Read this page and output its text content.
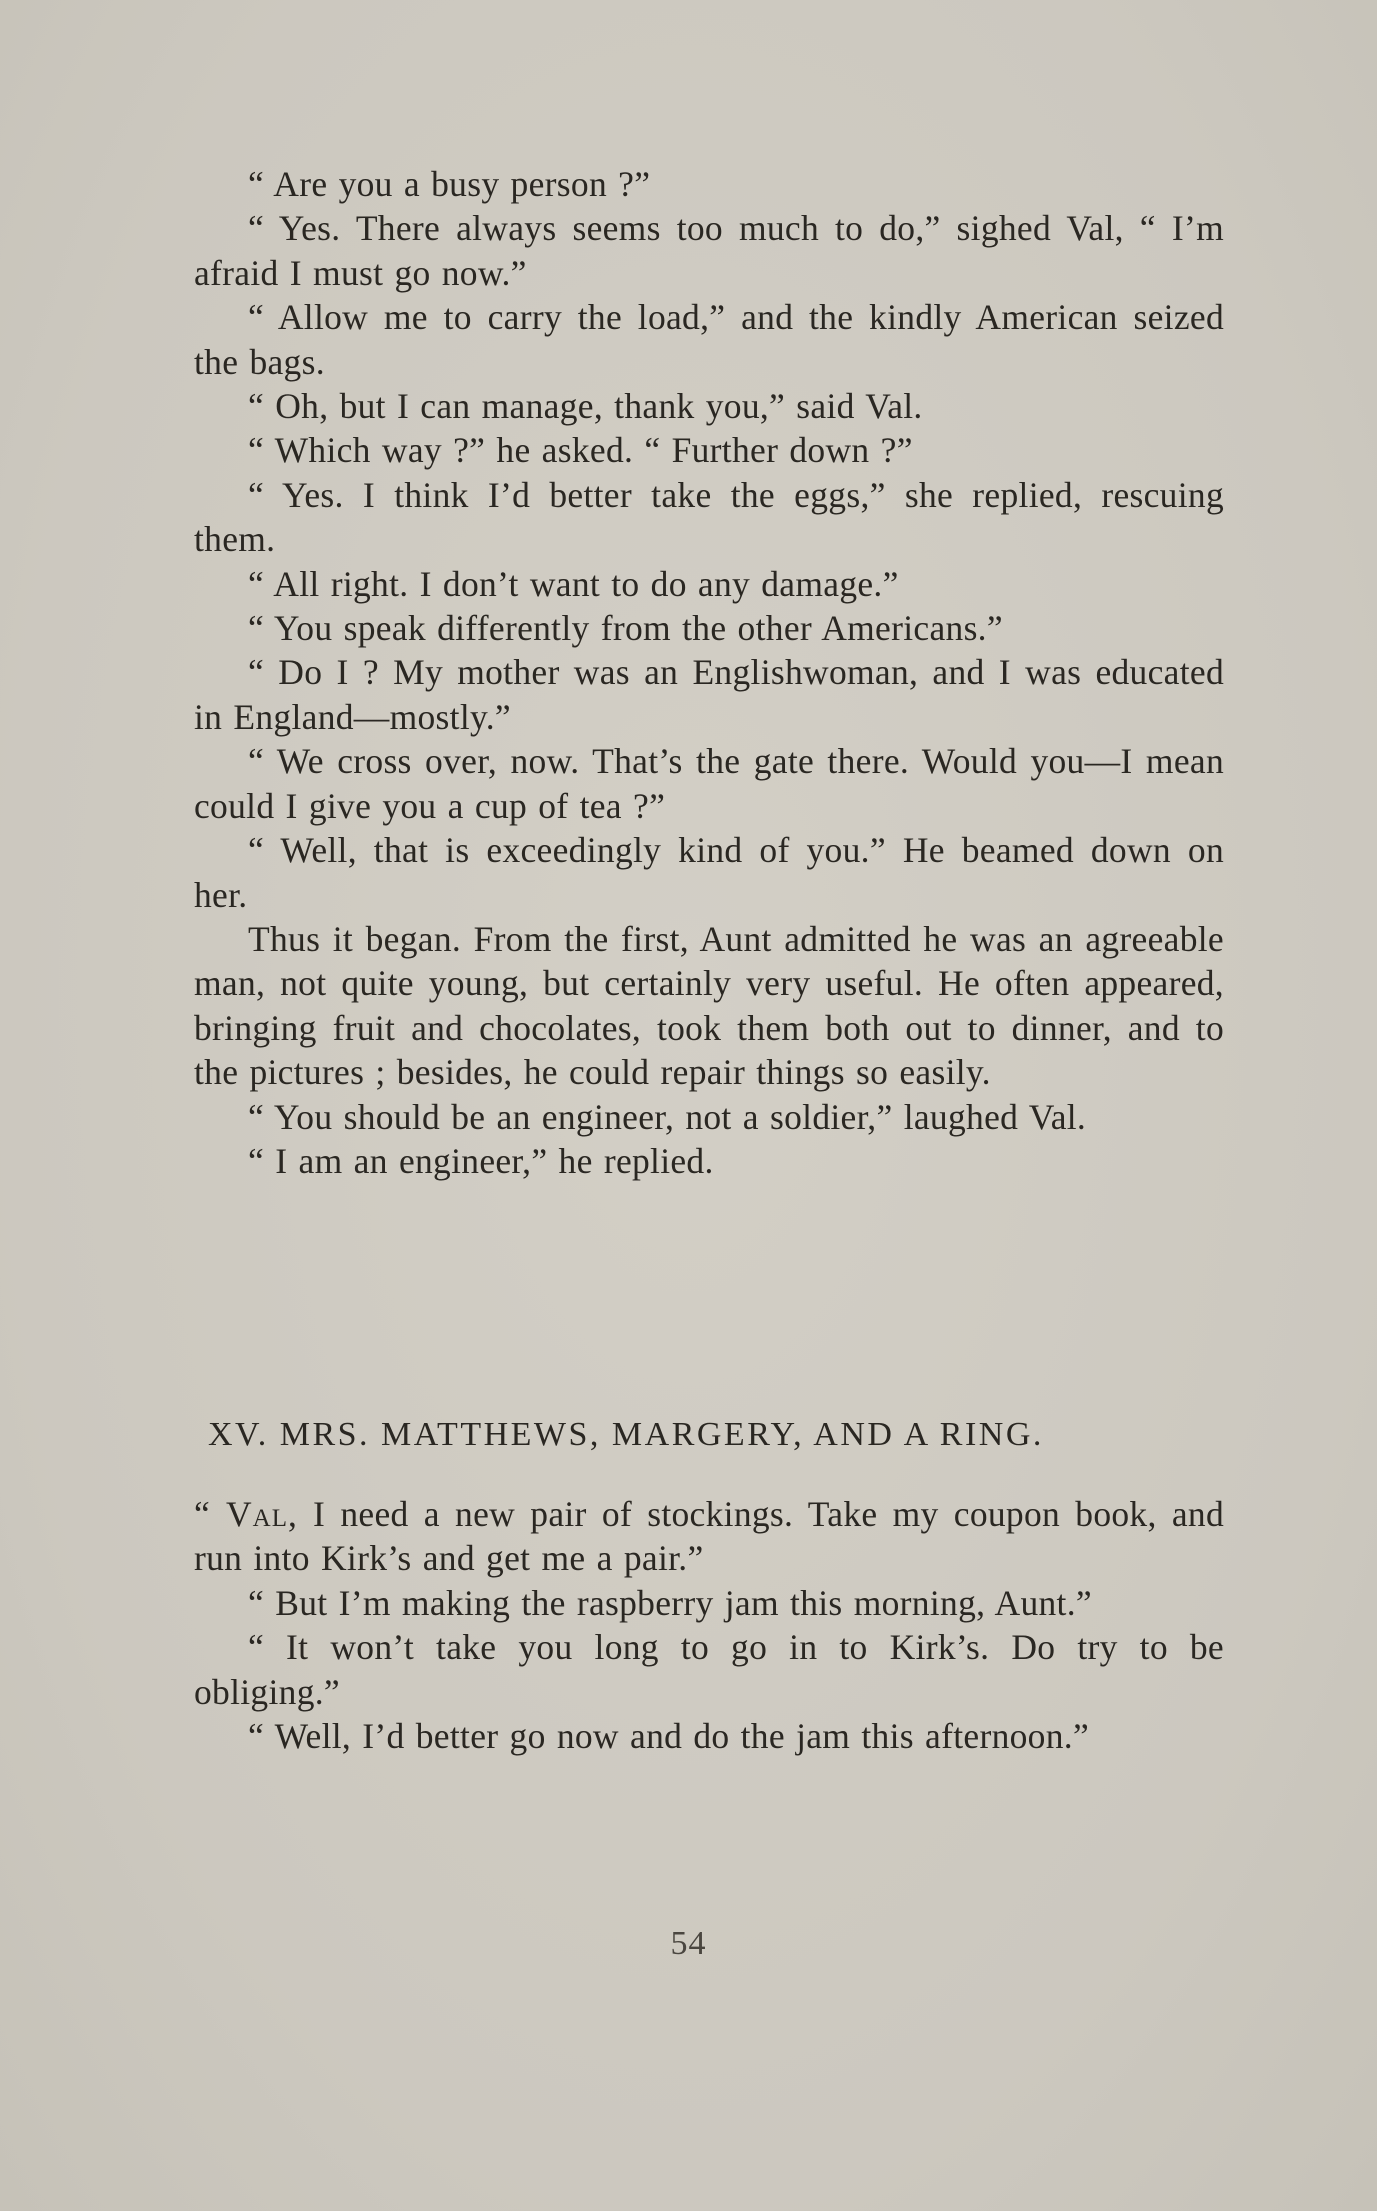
“ Are you a busy person ?”

“ Yes. There always seems too much to do,” sighed Val, “ I’m afraid I must go now.”

“ Allow me to carry the load,” and the kindly American seized the bags.

“ Oh, but I can manage, thank you,” said Val.

“ Which way ?” he asked. “ Further down ?”

“ Yes. I think I’d better take the eggs,” she replied, rescuing them.

“ All right. I don’t want to do any damage.”

“ You speak differently from the other Americans.”

“ Do I ? My mother was an Englishwoman, and I was educated in England—mostly.”

“ We cross over, now. That’s the gate there. Would you—I mean could I give you a cup of tea ?”

“ Well, that is exceedingly kind of you.” He beamed down on her.

Thus it began. From the first, Aunt admitted he was an agreeable man, not quite young, but certainly very useful. He often appeared, bringing fruit and chocolates, took them both out to dinner, and to the pictures ; besides, he could repair things so easily.

“ You should be an engineer, not a soldier,” laughed Val.

“ I am an engineer,” he replied.

XV. MRS. MATTHEWS, MARGERY, AND A RING.

“ Val, I need a new pair of stockings. Take my coupon book, and run into Kirk’s and get me a pair.”

“ But I’m making the raspberry jam this morning, Aunt.”

“ It won’t take you long to go in to Kirk’s. Do try to be obliging.”

“ Well, I’d better go now and do the jam this afternoon.”

54
